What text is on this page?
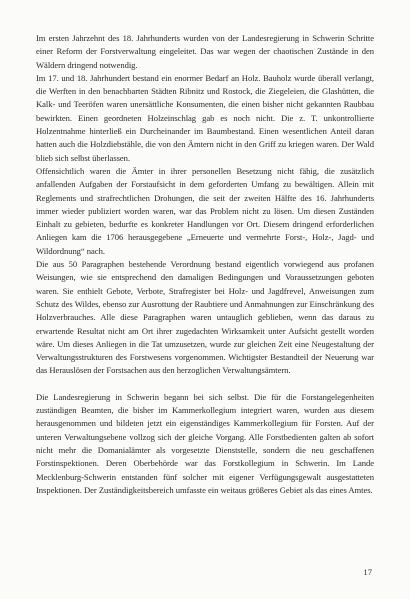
Im ersten Jahrzehnt des 18. Jahrhunderts wurden von der Landesregierung in Schwerin Schritte einer Reform der Forstverwaltung eingeleitet. Das war wegen der chaotischen Zustände in den Wäldern dringend notwendig.

Im 17. und 18. Jahrhundert bestand ein enormer Bedarf an Holz. Bauholz wurde überall verlangt, die Werften in den benachbarten Städten Ribnitz und Rostock, die Ziegeleien, die Glashütten, die Kalk- und Teeröfen waren unersättliche Konsumenten, die einen bisher nicht gekannten Raubbau bewirkten. Einen geordneten Holzeinschlag gab es noch nicht. Die z. T. unkontrollierte Holzentnahme hinterließ ein Durcheinander im Baumbestand. Einen wesentlichen Anteil daran hatten auch die Holzdiebstähle, die von den Ämtern nicht in den Griff zu kriegen waren. Der Wald blieb sich selbst überlassen.

Offensichtlich waren die Ämter in ihrer personellen Besetzung nicht fähig, die zusätzlich anfallenden Aufgaben der Forstaufsicht in dem geforderten Umfang zu bewältigen. Allein mit Reglements und strafrechtlichen Drohungen, die seit der zweiten Hälfte des 16. Jahrhunderts immer wieder publiziert worden waren, war das Problem nicht zu lösen. Um diesen Zuständen Einhalt zu gebieten, bedurfte es konkreter Handlungen vor Ort. Diesem dringend erforderlichen Anliegen kam die 1706 herausgegebene „Erneuerte und vermehrte Forst-, Holz-, Jagd- und Wildordnung“ nach.

Die aus 50 Paragraphen bestehende Verordnung bestand eigentlich vorwiegend aus profanen Weisungen, wie sie entsprechend den damaligen Bedingungen und Voraussetzungen geboten waren. Sie enthielt Gebote, Verbote, Strafregister bei Holz- und Jagdfrevel, Anweisungen zum Schutz des Wildes, ebenso zur Ausrottung der Raubtiere und Anmahnungen zur Einschränkung des Holzverbrauches. Alle diese Paragraphen waren untauglich geblieben, wenn das daraus zu erwartende Resultat nicht am Ort ihrer zugedachten Wirksamkeit unter Aufsicht gestellt worden wäre. Um dieses Anliegen in die Tat umzusetzen, wurde zur gleichen Zeit eine Neugestaltung der Verwaltungsstrukturen des Forstwesens vorgenommen. Wichtigster Bestandteil der Neuerung war das Herauslösen der Forstsachen aus den herzoglichen Verwaltungsämtern.

Die Landesregierung in Schwerin begann bei sich selbst. Die für die Forstangelegenheiten zuständigen Beamten, die bisher im Kammerkollegium integriert waren, wurden aus diesem herausgenommen und bildeten jetzt ein eigenständiges Kammerkollegium für Forsten. Auf der unteren Verwaltungsebene vollzog sich der gleiche Vorgang. Alle Forstbedienten galten ab sofort nicht mehr die Domanialämter als vorgesetzte Dienststelle, sondern die neu geschaffenen Forstinspektionen. Deren Oberbehörde war das Forstkollegium in Schwerin. Im Lande Mecklenburg-Schwerin entstanden fünf solcher mit eigener Verfügungsgewalt ausgestatteten Inspektionen. Der Zuständigkeitsbereich umfasste ein weitaus größeres Gebiet als das eines Amtes.

17
